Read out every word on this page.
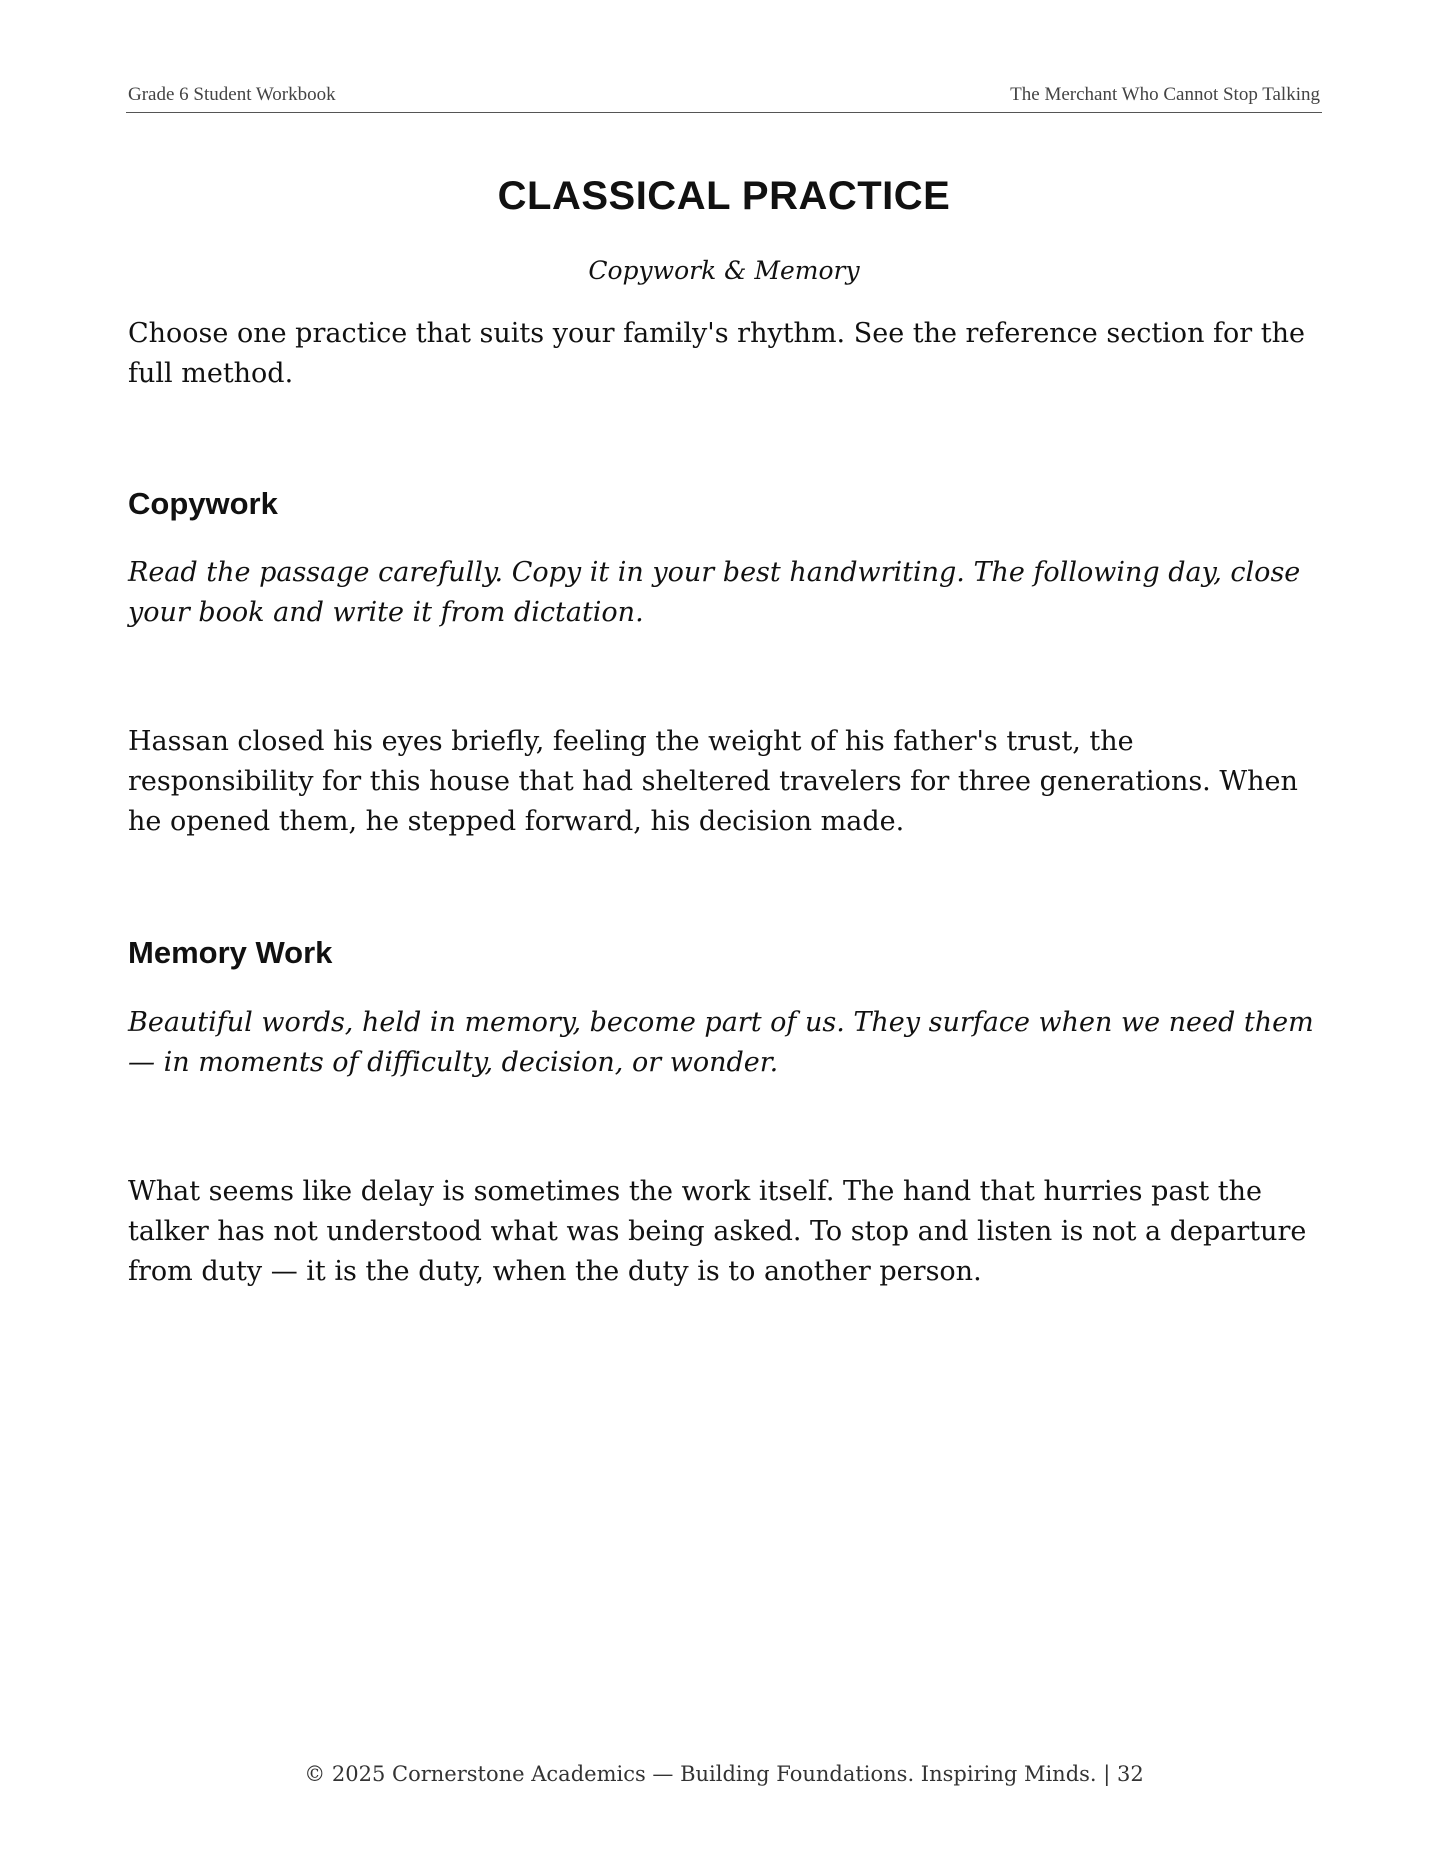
Grade 6 Student Workbook	The Merchant Who Cannot Stop Talking
CLASSICAL PRACTICE
Copywork & Memory

Choose one practice that suits your family's rhythm. See the reference section for the full method.

Copywork

Read the passage carefully. Copy it in your best handwriting. The following day, close your book and write it from dictation.

Hassan closed his eyes briefly, feeling the weight of his father's trust, the responsibility for this house that had sheltered travelers for three generations. When he opened them, he stepped forward, his decision made.

Memory Work

Beautiful words, held in memory, become part of us. They surface when we need them — in moments of difficulty, decision, or wonder.

What seems like delay is sometimes the work itself. The hand that hurries past the talker has not understood what was being asked. To stop and listen is not a departure from duty — it is the duty, when the duty is to another person.

© 2025 Cornerstone Academics — Building Foundations. Inspiring Minds. | 32
